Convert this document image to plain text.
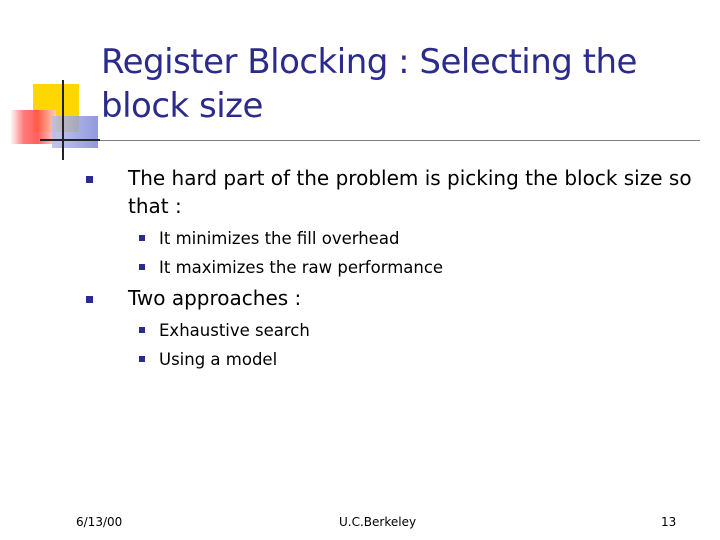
Register Blocking : Selecting the block size
The hard part of the problem is picking the block size so that :
It minimizes the fill overhead
It maximizes the raw performance
Two approaches :
Exhaustive search
Using a model
6/13/00	U.C.Berkeley	13
